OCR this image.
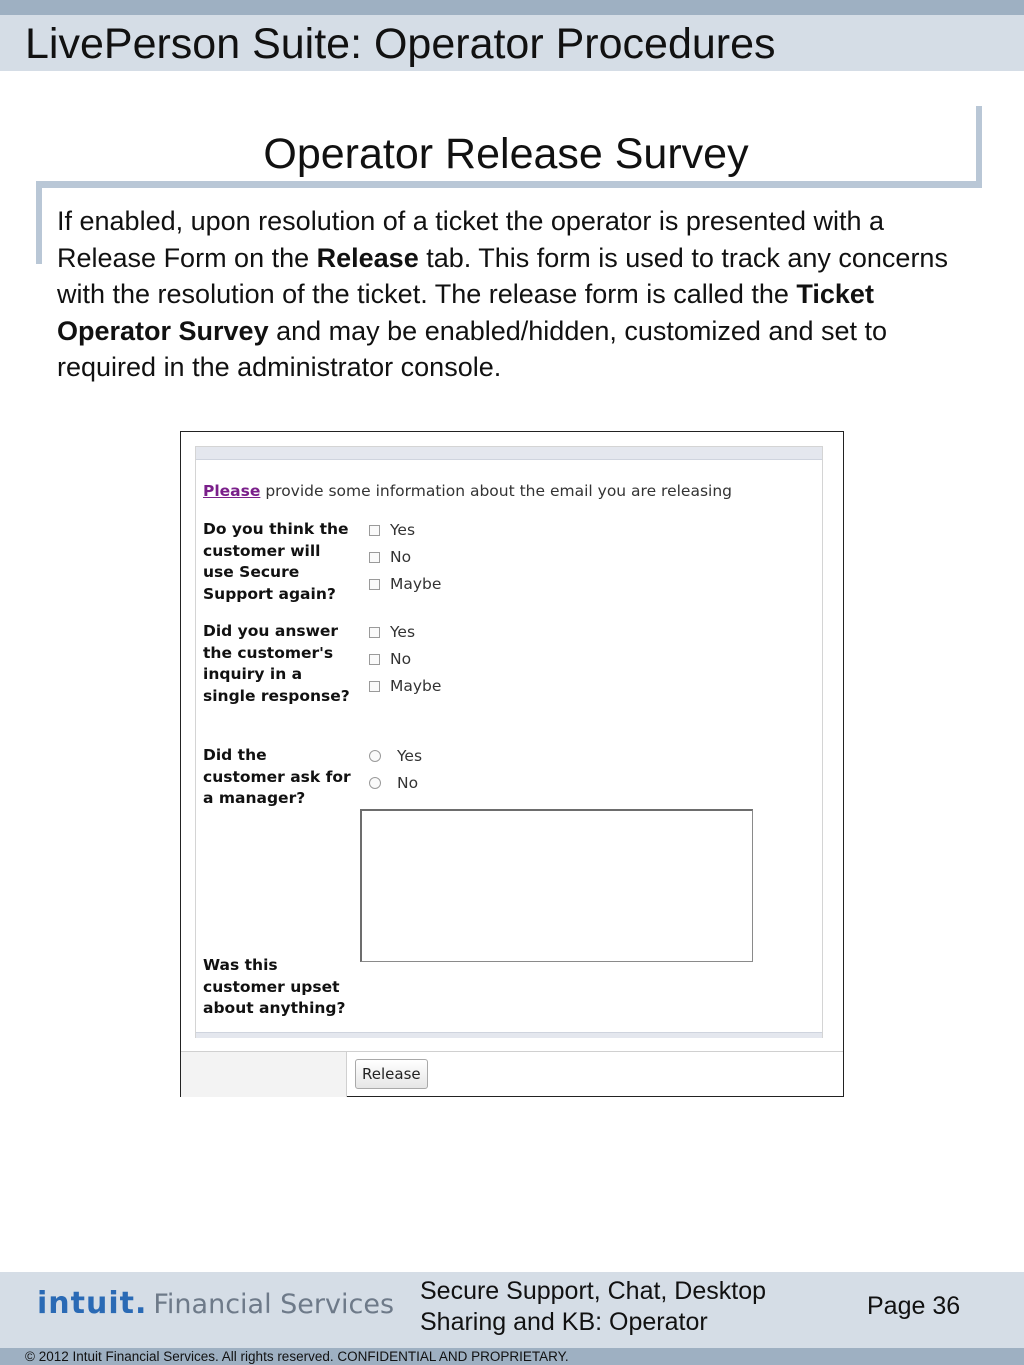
LivePerson Suite: Operator Procedures
Operator Release Survey
If enabled, upon resolution of a ticket the operator is presented with a Release Form on the Release tab. This form is used to track any concerns with the resolution of the ticket. The release form is called the Ticket Operator Survey and may be enabled/hidden, customized and set to required in the administrator console.
Please provide some information about the email you are releasing
Do you think the customer will use Secure Support again?
Yes
No
Maybe
Did you answer the customer's inquiry in a single response?
Yes
No
Maybe
Did the customer ask for a manager?
Yes
No
Was this customer upset about anything?
Release
intuit. Financial Services Secure Support, Chat, Desktop Sharing and KB: Operator
Page 36
© 2012 Intuit Financial Services. All rights reserved. CONFIDENTIAL AND PROPRIETARY.
